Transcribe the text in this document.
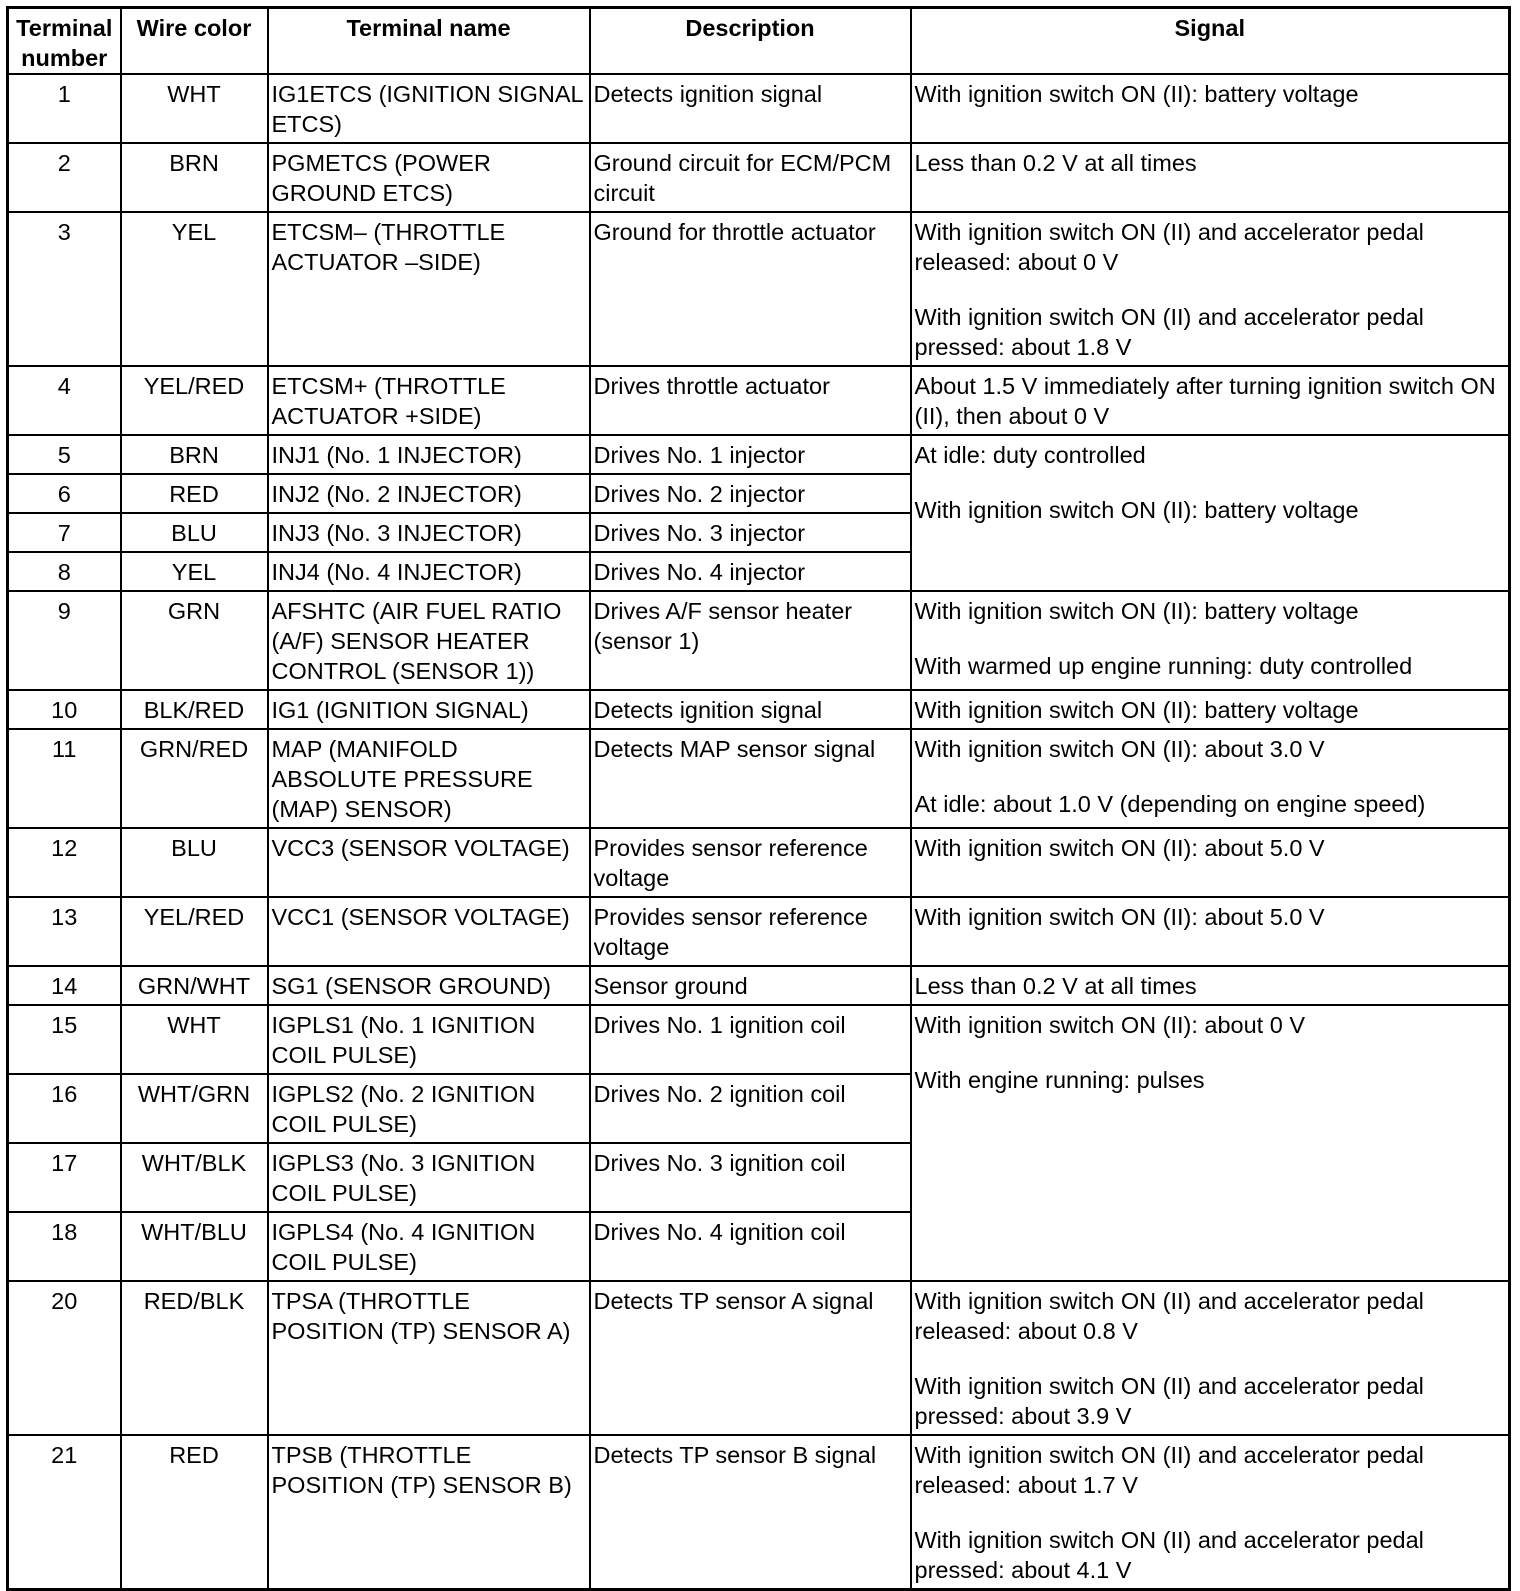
Terminal number	Wire color	Terminal name	Description	Signal
1	WHT	IG1ETCS (IGNITION SIGNAL ETCS)	Detects ignition signal	With ignition switch ON (II): battery voltage

2	BRN	PGMETCS (POWER GROUND ETCS)	Ground circuit for ECM/PCM circuit	Less than 0.2 V at all times

3	YEL	ETCSM– (THROTTLE ACTUATOR –SIDE)	Ground for throttle actuator	With ignition switch ON (II) and accelerator pedal released: about 0 V
With ignition switch ON (II) and accelerator pedal pressed: about 1.8 V

4	YEL/RED	ETCSM+ (THROTTLE ACTUATOR +SIDE)	Drives throttle actuator	About 1.5 V immediately after turning ignition switch ON (II), then about 0 V

5	BRN	INJ1 (No. 1 INJECTOR)	Drives No. 1 injector	At idle: duty controlled
With ignition switch ON (II): battery voltage

6	RED	INJ2 (No. 2 INJECTOR)	Drives No. 2 injector	
7	BLU	INJ3 (No. 3 INJECTOR)	Drives No. 3 injector	
8	YEL	INJ4 (No. 4 INJECTOR)	Drives No. 4 injector	
9	GRN	AFSHTC (AIR FUEL RATIO (A/F) SENSOR HEATER CONTROL (SENSOR 1))	Drives A/F sensor heater (sensor 1)	With ignition switch ON (II): battery voltage
With warmed up engine running: duty controlled

10	BLK/RED	IG1 (IGNITION SIGNAL)	Detects ignition signal	With ignition switch ON (II): battery voltage

11	GRN/RED	MAP (MANIFOLD ABSOLUTE PRESSURE (MAP) SENSOR)	Detects MAP sensor signal	With ignition switch ON (II): about 3.0 V
At idle: about 1.0 V (depending on engine speed)

12	BLU	VCC3 (SENSOR VOLTAGE)	Provides sensor reference voltage	With ignition switch ON (II): about 5.0 V

13	YEL/RED	VCC1 (SENSOR VOLTAGE)	Provides sensor reference voltage	With ignition switch ON (II): about 5.0 V

14	GRN/WHT	SG1 (SENSOR GROUND)	Sensor ground	Less than 0.2 V at all times

15	WHT	IGPLS1 (No. 1 IGNITION COIL PULSE)	Drives No. 1 ignition coil	With ignition switch ON (II): about 0 V
With engine running: pulses

16	WHT/GRN	IGPLS2 (No. 2 IGNITION COIL PULSE)	Drives No. 2 ignition coil	
17	WHT/BLK	IGPLS3 (No. 3 IGNITION COIL PULSE)	Drives No. 3 ignition coil	
18	WHT/BLU	IGPLS4 (No. 4 IGNITION COIL PULSE)	Drives No. 4 ignition coil	
20	RED/BLK	TPSA (THROTTLE POSITION (TP) SENSOR A)	Detects TP sensor A signal	With ignition switch ON (II) and accelerator pedal released: about 0.8 V
With ignition switch ON (II) and accelerator pedal pressed: about 3.9 V

21	RED	TPSB (THROTTLE POSITION (TP) SENSOR B)	Detects TP sensor B signal	With ignition switch ON (II) and accelerator pedal released: about 1.7 V
With ignition switch ON (II) and accelerator pedal pressed: about 4.1 V
